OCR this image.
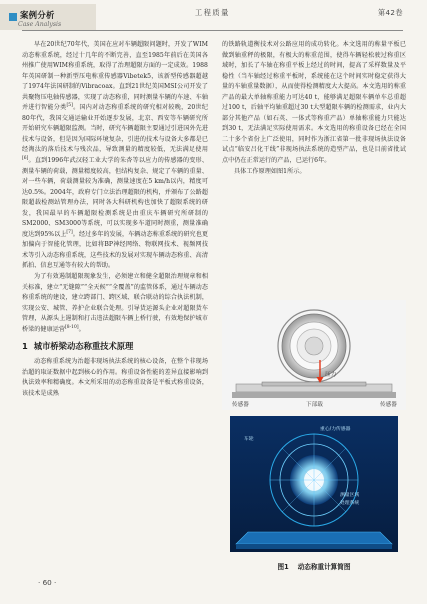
案例分析
Case Analysis
工程质量	第42卷

早在20世纪70年代，美国在应对车辆超限问题时，开发了WIM动态称重系统，经过十几年的不断完善，直至1985年前后在美国各州推广使用WIM称重系统，取得了治理超限方面的一定成效。1988年英国研制一种新型压电称重传感器Vibetek5，该新型传感器超越了1974年法国研制的Vibracoax。直到21世纪美国MSI公司开发了共聚物压电轴传感器，实现了动态称重，同时测量车辆的车速、车轴并进行智能分类[5]。国内对动态称重系统的研究相对较晚，20世纪80年代，我国交通运输业开始逐步发展，北京、西安等车辆研究所开始研究车辆超限监测。当时，研究车辆超限主要通过引进国外先进技术与设备，但是因为国际环境复杂，引进的技术与设备大多都是已经淘汰的落后技术与残次品，导致测量的精度较低，无法满足使用[6]。直到1996年武汉轻工业大学的朱杏等以应力的传感器的变形、测量车辆的荷载，测量精度较高，但结构复杂、规定了车辆的重量、对一些车辆，荷载测量较为准确，测量速度在5 km/h以内，精度可达0.5%。2004年，政府专门立法治理超限的机构，并颁布了公路超限超载检测站管理办法，同时各大科研机构也加快了超限系统的研发，我国最早的车辆超限检测系统是由重庆车辆研究所研制的SM2000、SM3000等系统，可以实现多车道同时测重，测量准确度达到95%以上[7]。经过多年的发展，车辆动态称重系统的研究也更加偏向于智能化管理，比如将BP神经网络、物联网技术、视频网技术等引入动态称重系统，这些技术的发展对实现车辆动态称重、高清抓拍、信息互通等有较大的帮助。

为了有效遏制超限现象发生，必须建立和健全超限治理规章和相关标准，建立“无缝隙”“全天候”“全覆盖”的监管体系，通过车辆动态称重系统的建设，建立跨部门、跨区域、联合联动的综合执法机制，实现公安、城管、养护企业联合处理。引导货运源头企业对超限货车管理，从源头上遏制和打击违法超限车辆上桥行驶，有效地保护城市桥梁的健康运营[8-10]。

1 城市桥梁动态称重技术原理

动态称重系统为治超非现场执法系统的核心设备，在整个非现场治超的取证数据中起到核心的作用。称重设备性能的差异直接影响到执法效率和精确度。本文所采用的动态称重设备是平板式称重设备，该技术是成熟

的铁路轨道衡技术对公路应用的成功转化。本文选用的称量平板已做到轴重秤的极限，有极大的称重范围，使得车辆轻松驶过称重区域时，加长了车轴在称重平板上经过的时间，提高了采样数量及平稳性（当车轴经过称重平板时，系统能在这个时间实时稳定获得大量的车轴重量数据），从而使得检测精度大大提高。本文选用的称重产品的最大单轴称重能力可达40 t，能够满足超限车辆单车总重超过100 t，后轴平均轴重超过30 t大型超限车辆的检测需求，业内大部分其他产品（如石英、一体式等称重产品）单轴称重能力只能达到30 t，无法满足实际使用需求。本文选用的称重设备已经在全国二十多个省份上广泛使用，同时作为浙江省第一批非现场执法设备试点“临安吕化干线”非现场执法系统的造型产品，也是目前省批试点中仍在正常运行的产品，已运行6年。

具体工作原理如图1所示。

压力
传感器	传感器
下部载
重心/力传感器
车轮
测量区域
处理系统
图1 动态称重计算简图
· 60 ·
